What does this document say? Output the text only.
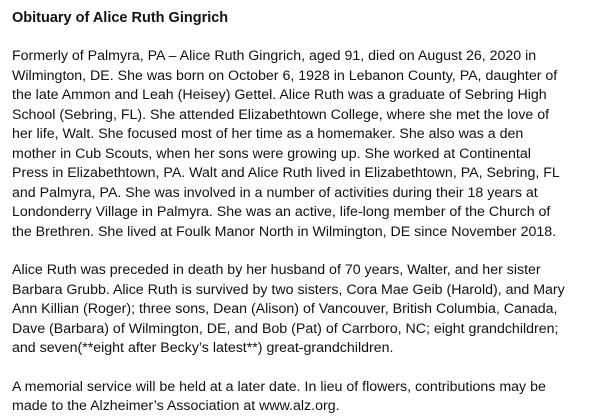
Obituary of Alice Ruth Gingrich
Formerly of Palmyra, PA – Alice Ruth Gingrich, aged 91, died on August 26, 2020 in
Wilmington, DE. She was born on October 6, 1928 in Lebanon County, PA, daughter of
the late Ammon and Leah (Heisey) Gettel. Alice Ruth was a graduate of Sebring High
School (Sebring, FL). She attended Elizabethtown College, where she met the love of
her life, Walt. She focused most of her time as a homemaker. She also was a den
mother in Cub Scouts, when her sons were growing up. She worked at Continental
Press in Elizabethtown, PA. Walt and Alice Ruth lived in Elizabethtown, PA, Sebring, FL
and Palmyra, PA. She was involved in a number of activities during their 18 years at
Londonderry Village in Palmyra. She was an active, life-long member of the Church of
the Brethren. She lived at Foulk Manor North in Wilmington, DE since November 2018.
Alice Ruth was preceded in death by her husband of 70 years, Walter, and her sister
Barbara Grubb. Alice Ruth is survived by two sisters, Cora Mae Geib (Harold), and Mary
Ann Killian (Roger); three sons, Dean (Alison) of Vancouver, British Columbia, Canada,
Dave (Barbara) of Wilmington, DE, and Bob (Pat) of Carrboro, NC; eight grandchildren;
and seven(**eight after Becky’s latest**) great-grandchildren.
A memorial service will be held at a later date. In lieu of flowers, contributions may be
made to the Alzheimer’s Association at www.alz.org.
